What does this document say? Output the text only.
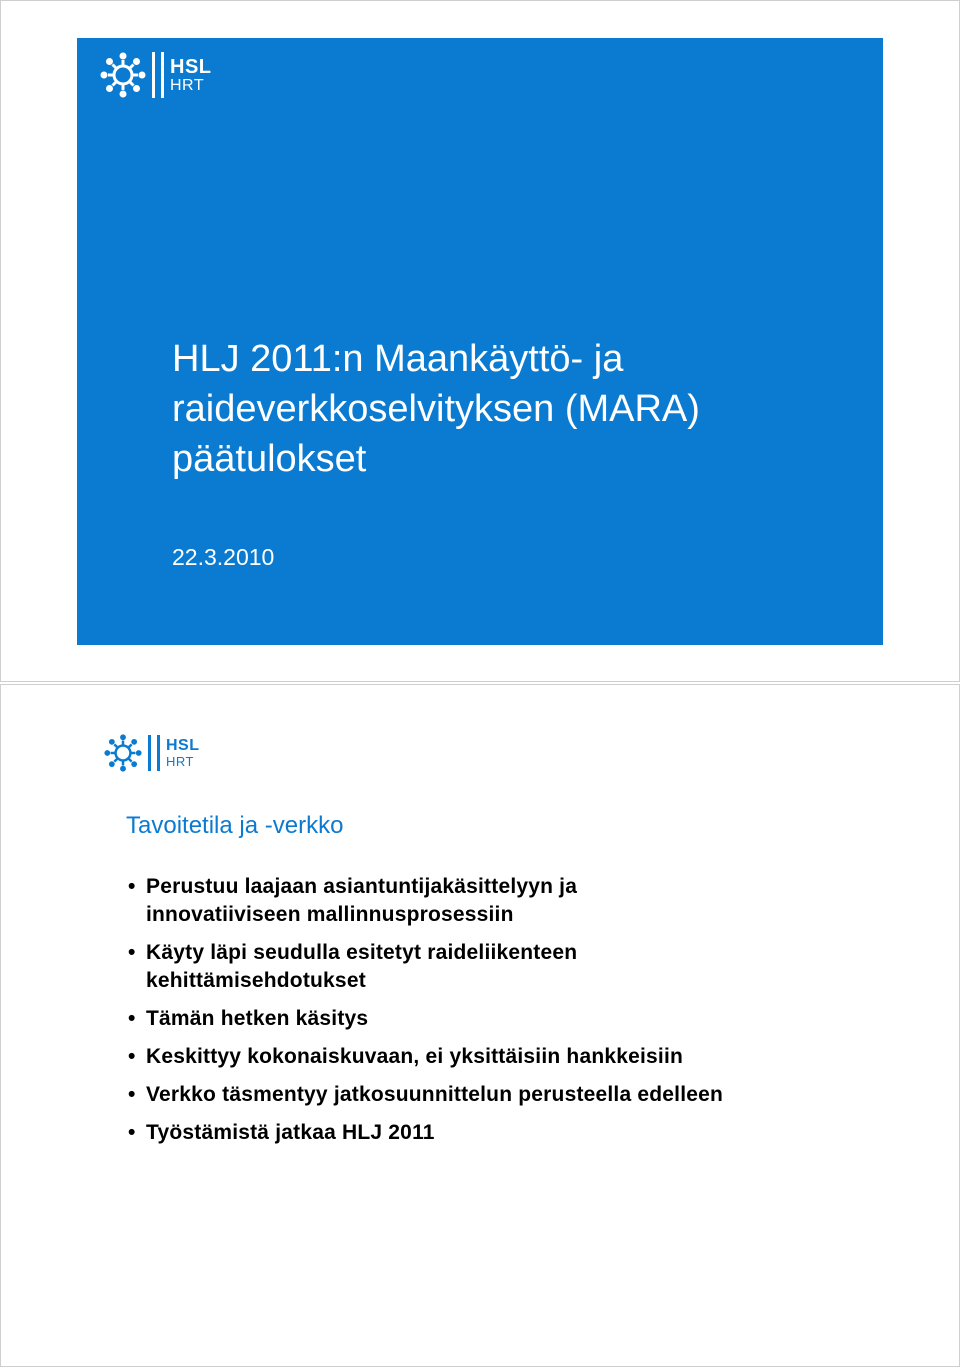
HSL
HRT
HLJ 2011:n Maankäyttö- ja
raideverkkoselvityksen (MARA)
päätulokset

22.3.2010

HSL
HRT
Tavoitetila ja -verkko
• Perustuu laajaan asiantuntijakäsittelyyn ja innovatiiviseen mallinnusprosessiin
• Käyty läpi seudulla esitetyt raideliikenteen kehittämisehdotukset
• Tämän hetken käsitys
• Keskittyy kokonaiskuvaan, ei yksittäisiin hankkeisiin
• Verkko täsmentyy jatkosuunnittelun perusteella edelleen
• Työstämistä jatkaa HLJ 2011
